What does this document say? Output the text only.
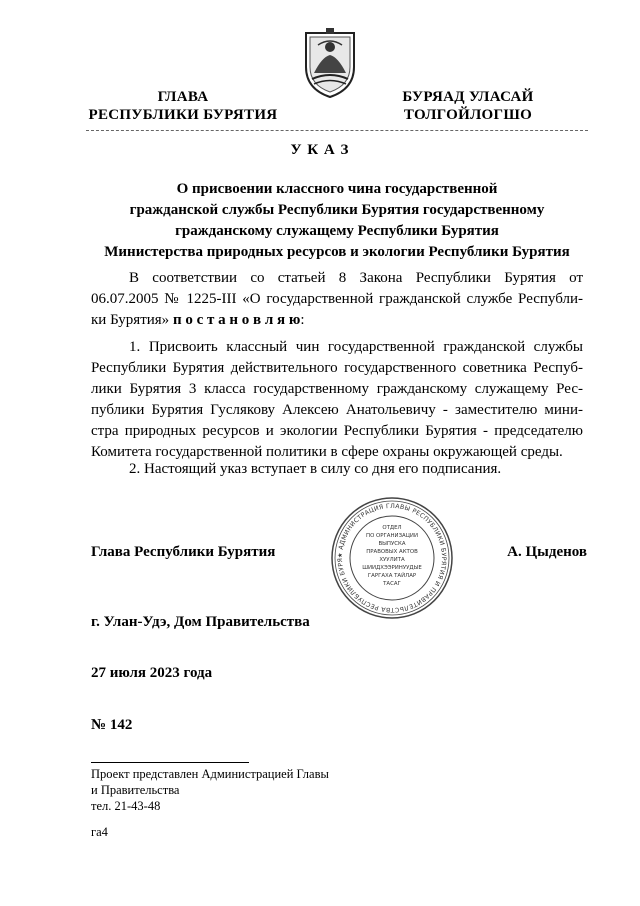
ГЛАВА
РЕСПУБЛИКИ БУРЯТИЯ
БУРЯАД УЛАСАЙ
ТОЛГОЙЛОГШО
У К А З
О присвоении классного чина государственной
гражданской службы Республики Бурятия государственному
гражданскому служащему Республики Бурятия
Министерства природных ресурсов и экологии Республики Бурятия
В соответствии со статьей 8 Закона Республики Бурятия от
06.07.2005 № 1225-III «О государственной гражданской службе Республи-
ки Бурятия» п о с т а н о в л я ю:
1. Присвоить классный чин государственной гражданской службы
Республики Бурятия действительного государственного советника Респуб-
лики Бурятия 3 класса государственному гражданскому служащему Рес-
публики Бурятия Гуслякову Алексею Анатольевичу - заместителю мини-
стра природных ресурсов и экологии Республики Бурятия - председателю
Комитета государственной политики в сфере охраны окружающей среды.
2. Настоящий указ вступает в силу со дня его подписания.
★ АДМИНИСТРАЦИЯ ГЛАВЫ РЕСПУБЛИКИ БУРЯТИЯ И ПРАВИТЕЛЬСТВА РЕСПУБЛИКИ БУРЯ
ОТДЕЛ
ПО ОРГАНИЗАЦИИ
ВЫПУСКА
ПРАВОВЫХ АКТОВ
ХУУЛИТА
ШИИДХЭЭРИНУУДЫЕ
ГАРГАХА ТАЙЛАР
ТАСАГ
Глава Республики Бурятия	А. Цыденов
г. Улан-Удэ, Дом Правительства
27 июля 2023 года
№ 142
Проект представлен Администрацией Главы
и Правительства
тел. 21-43-48
га4
